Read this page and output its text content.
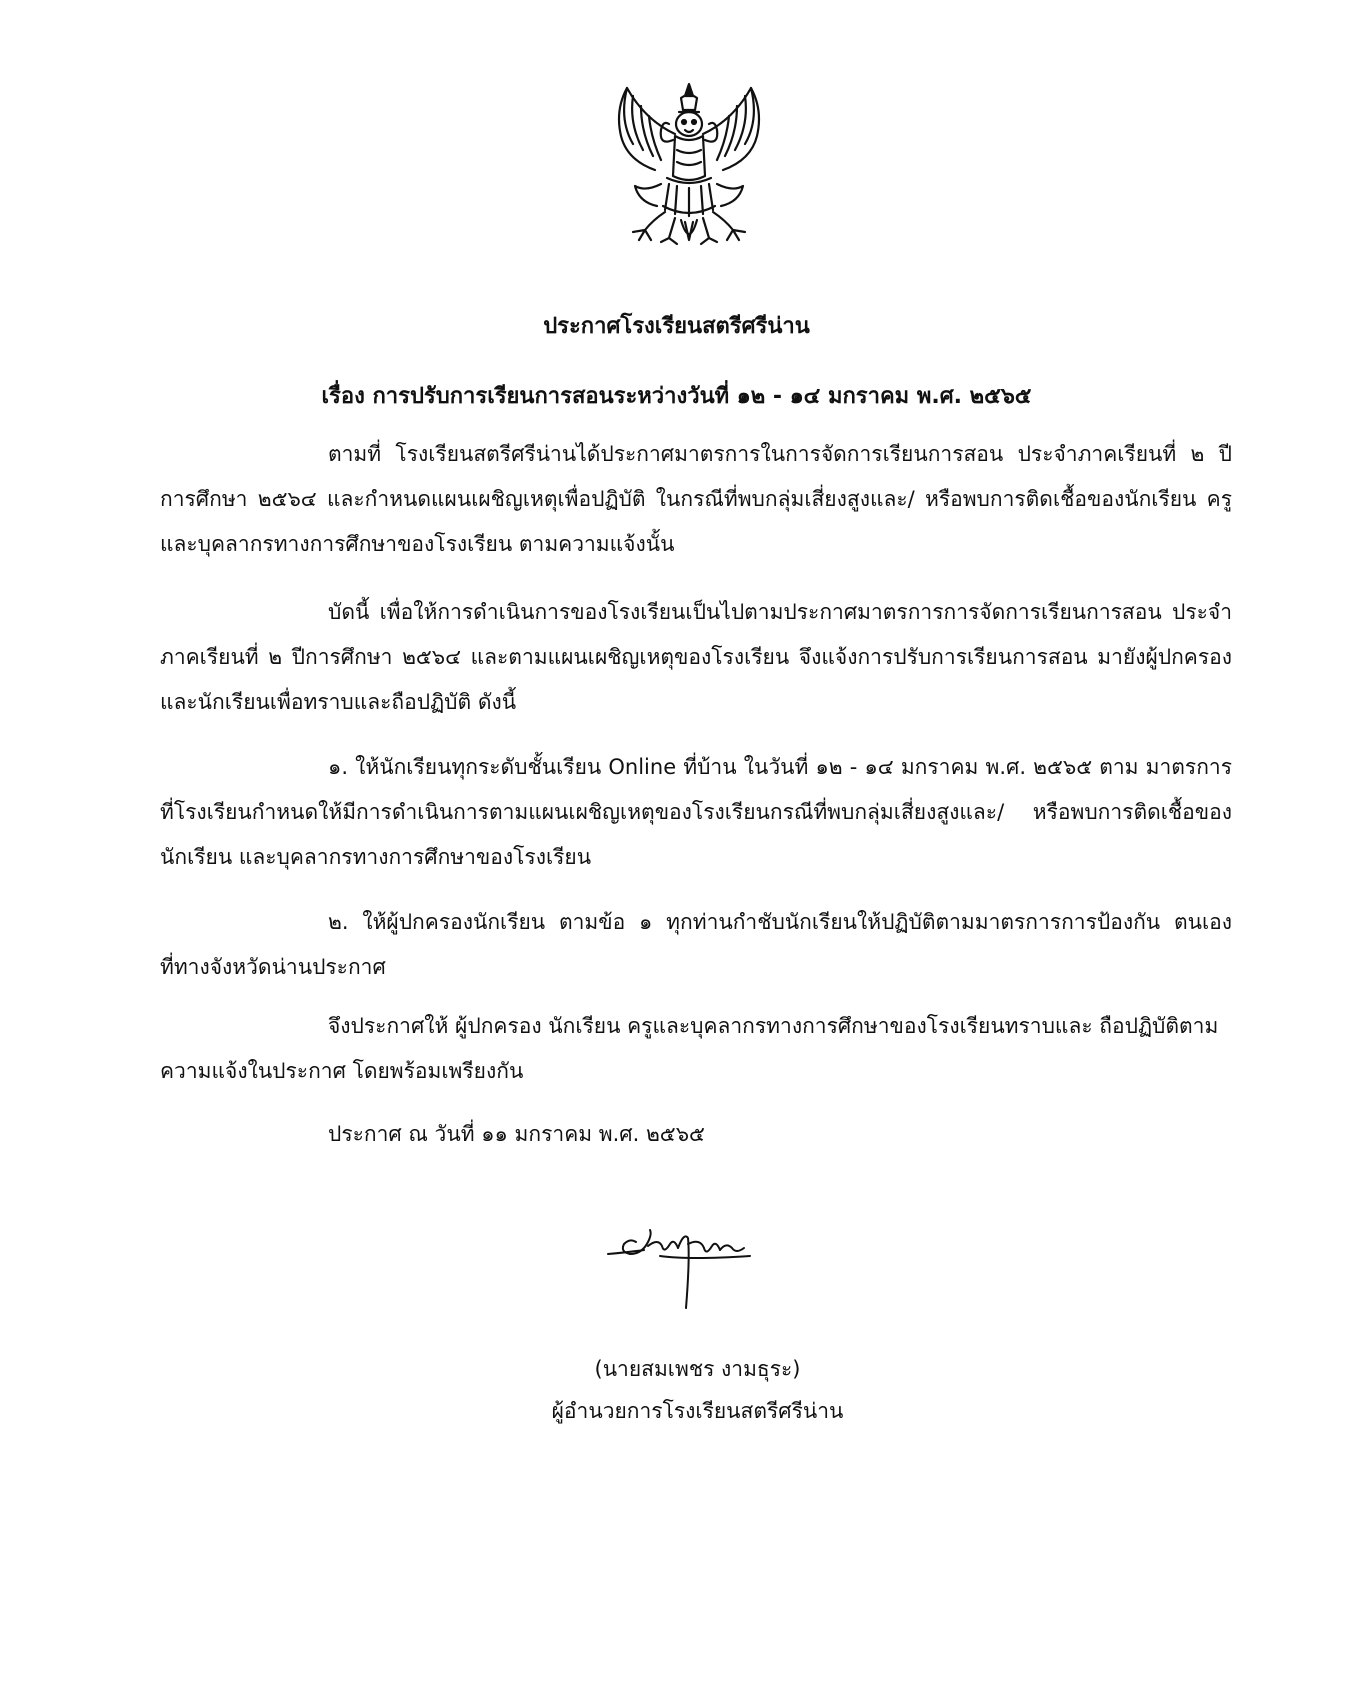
ประกาศโรงเรียนสตรีศรีน่าน
เรื่อง การปรับการเรียนการสอนระหว่างวันที่ ๑๒ - ๑๔ มกราคม พ.ศ. ๒๕๖๕

ตามที่ โรงเรียนสตรีศรีน่านได้ประกาศมาตรการในการจัดการเรียนการสอน ประจำภาคเรียนที่ ๒ ปีการศึกษา ๒๕๖๔ และกำหนดแผนเผชิญเหตุเพื่อปฏิบัติ ในกรณีที่พบกลุ่มเสี่ยงสูงและ/ หรือพบการติดเชื้อของนักเรียน ครู และบุคลากรทางการศึกษาของโรงเรียน ตามความแจ้งนั้น

บัดนี้ เพื่อให้การดำเนินการของโรงเรียนเป็นไปตามประกาศมาตรการการจัดการเรียนการสอน ประจำภาคเรียนที่ ๒ ปีการศึกษา ๒๕๖๔ และตามแผนเผชิญเหตุของโรงเรียน จึงแจ้งการปรับการเรียนการสอน มายังผู้ปกครองและนักเรียนเพื่อทราบและถือปฏิบัติ ดังนี้

๑. ให้นักเรียนทุกระดับชั้นเรียน Online ที่บ้าน ในวันที่ ๑๒ - ๑๔ มกราคม พ.ศ. ๒๕๖๕ ตาม มาตรการที่โรงเรียนกำหนดให้มีการดำเนินการตามแผนเผชิญเหตุของโรงเรียนกรณีที่พบกลุ่มเสี่ยงสูงและ/ หรือพบการติดเชื้อของนักเรียน และบุคลากรทางการศึกษาของโรงเรียน

๒. ให้ผู้ปกครองนักเรียน ตามข้อ ๑ ทุกท่านกำชับนักเรียนให้ปฏิบัติตามมาตรการการป้องกัน ตนเองที่ทางจังหวัดน่านประกาศ

จึงประกาศให้ ผู้ปกครอง นักเรียน ครูและบุคลากรทางการศึกษาของโรงเรียนทราบและ ถือปฏิบัติตามความแจ้งในประกาศ โดยพร้อมเพรียงกัน

ประกาศ ณ วันที่ ๑๑ มกราคม พ.ศ. ๒๕๖๕
(นายสมเพชร งามธุระ)
ผู้อำนวยการโรงเรียนสตรีศรีน่าน
